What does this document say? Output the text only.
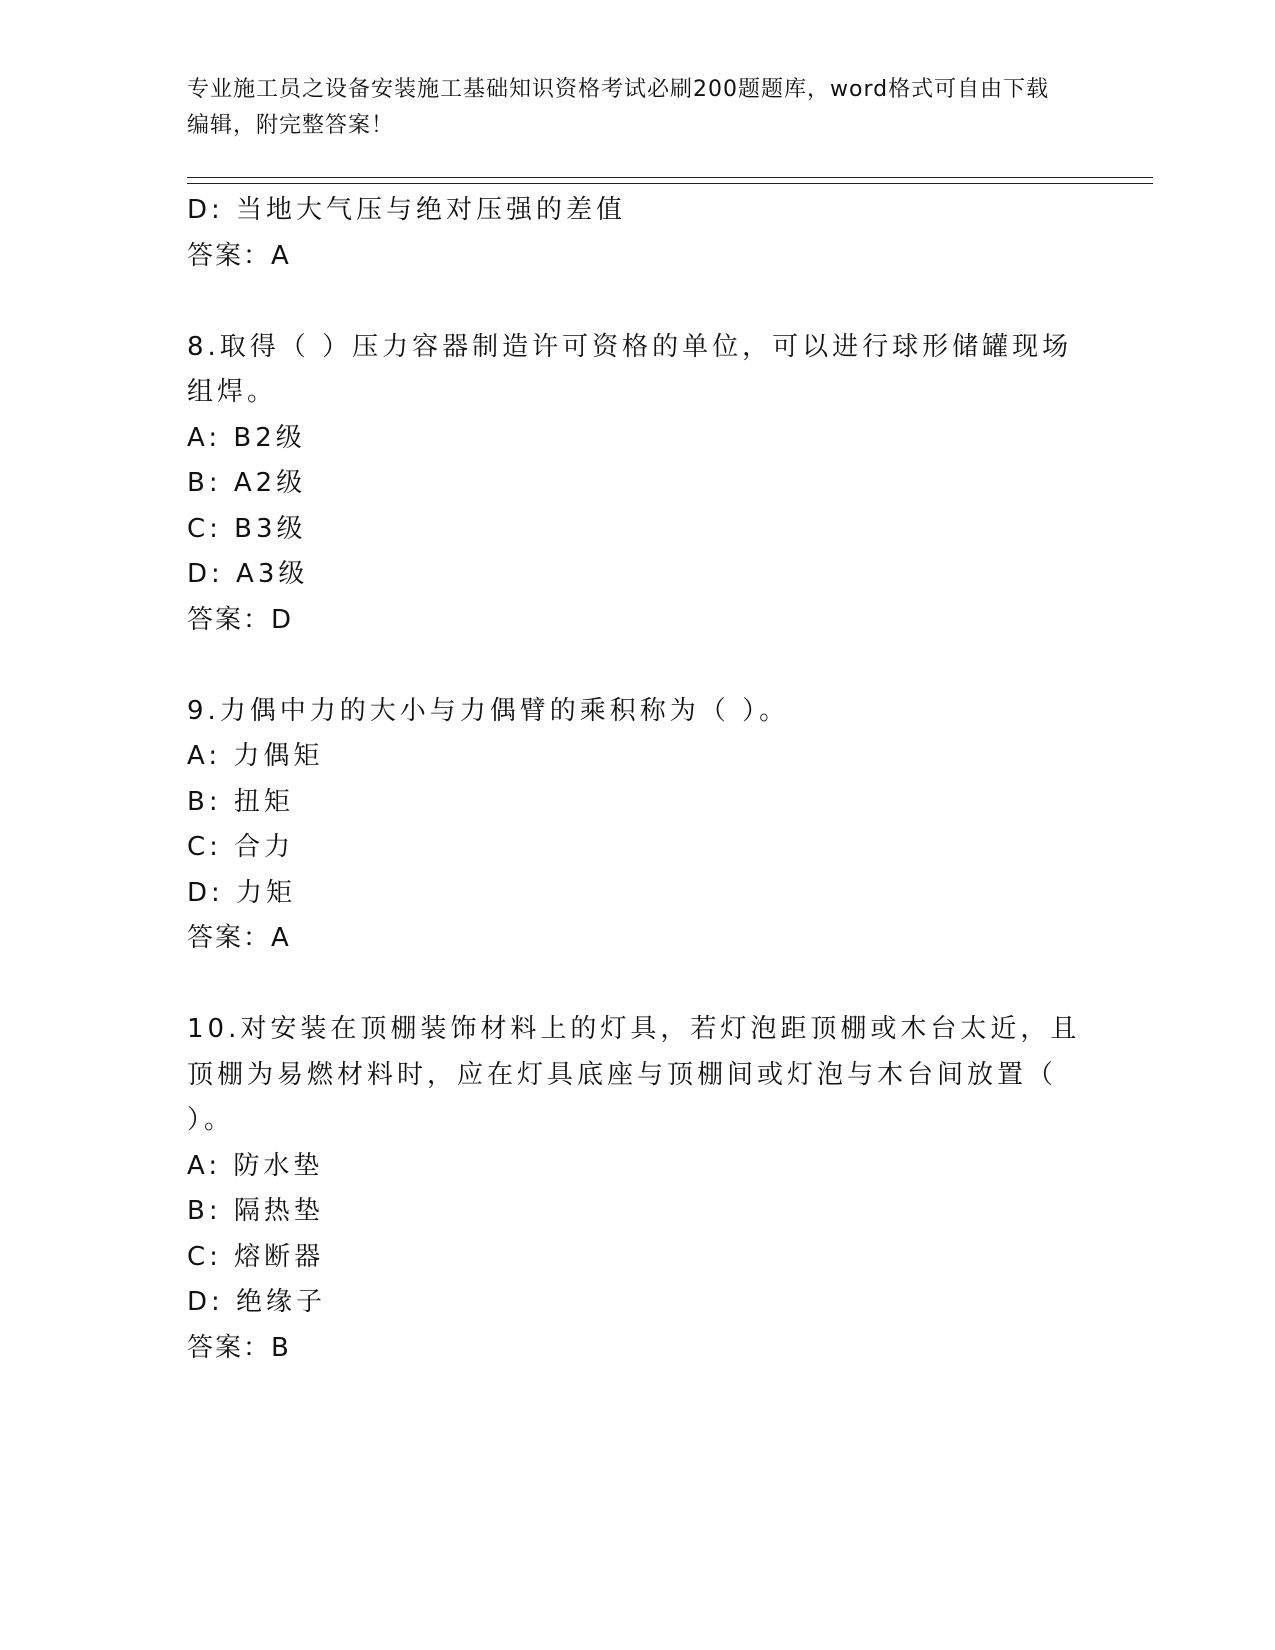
专业施工员之设备安装施工基础知识资格考试必刷200题题库，word格式可自由下载编辑，附完整答案！
D: 当地大气压与绝对压强的差值
答案：A
8.取得（ ）压力容器制造许可资格的单位，可以进行球形储罐现场组焊。
A: B2级
B: A2级
C: B3级
D: A3级
答案：D
9.力偶中力的大小与力偶臂的乘积称为（ ）。
A: 力偶矩
B: 扭矩
C: 合力
D: 力矩
答案：A
10.对安装在顶棚装饰材料上的灯具，若灯泡距顶棚或木台太近，且顶棚为易燃材料时，应在灯具底座与顶棚间或灯泡与木台间放置（ ）。
A: 防水垫
B: 隔热垫
C: 熔断器
D: 绝缘子
答案：B
